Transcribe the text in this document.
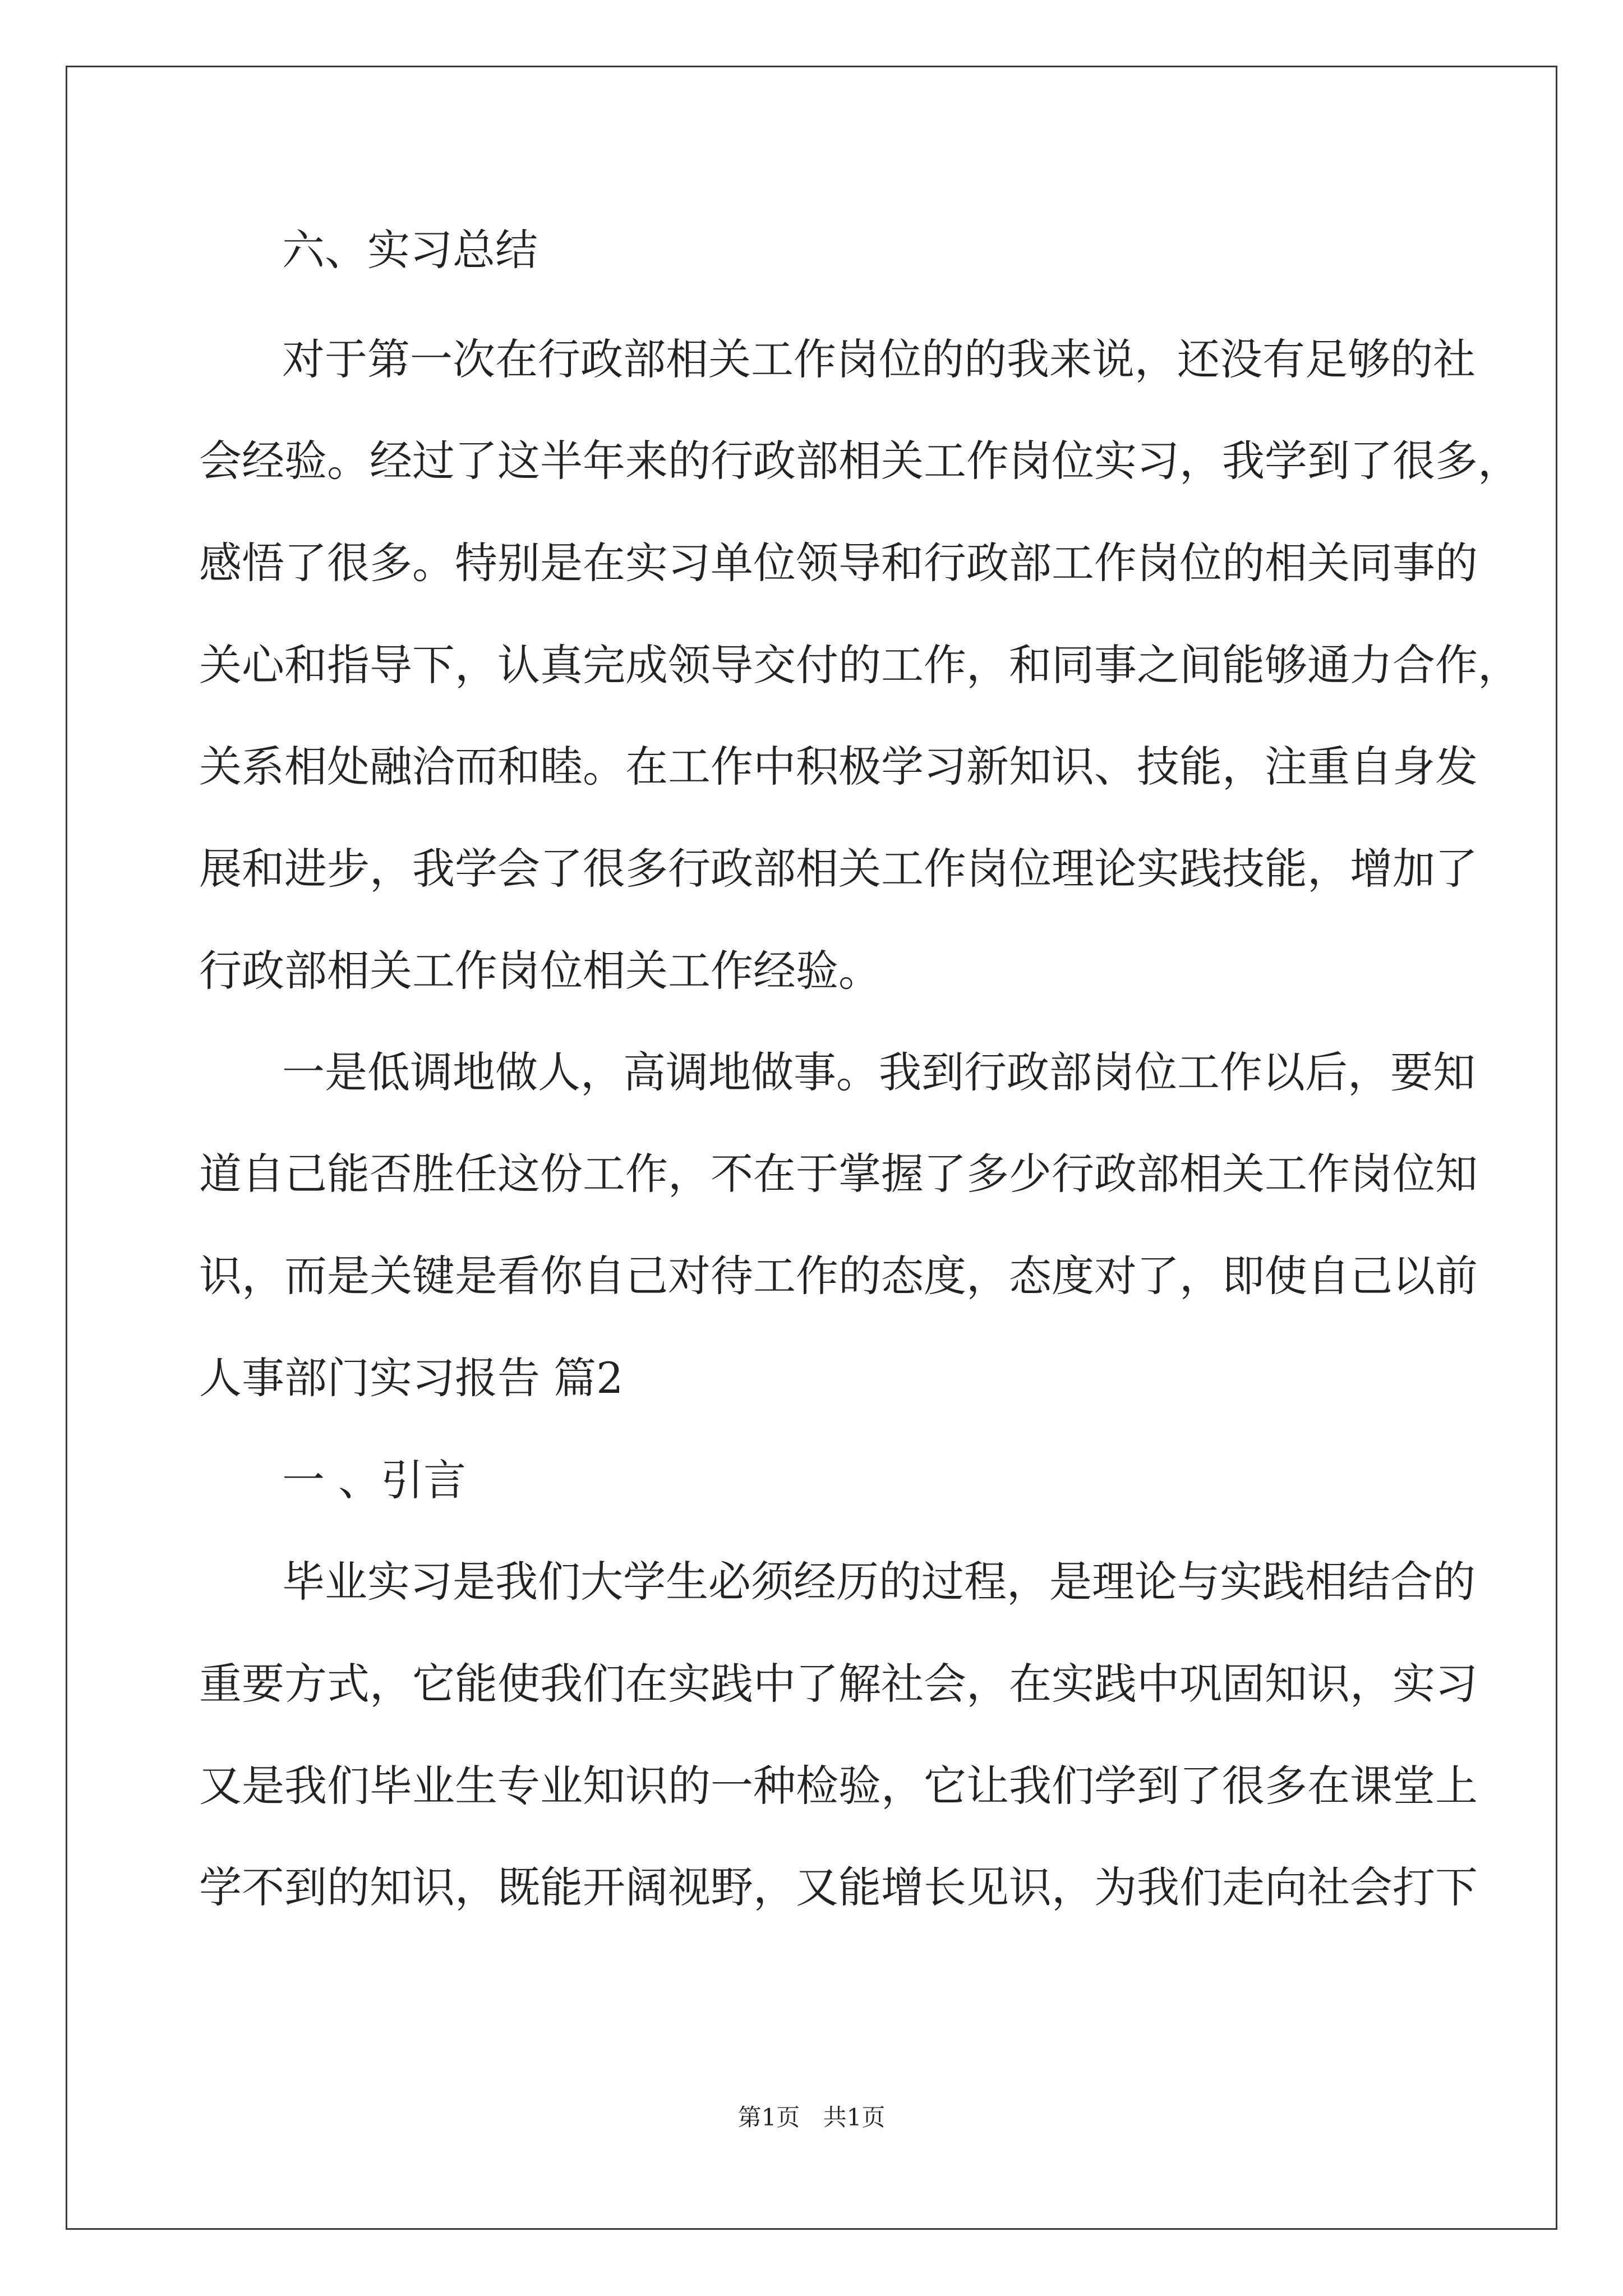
六、实习总结
对于第一次在行政部相关工作岗位的的我来说，还没有足够的社
会经验。经过了这半年来的行政部相关工作岗位实习，我学到了很多，
感悟了很多。特别是在实习单位领导和行政部工作岗位的相关同事的
关心和指导下，认真完成领导交付的工作，和同事之间能够通力合作，
关系相处融洽而和睦。在工作中积极学习新知识、技能，注重自身发
展和进步，我学会了很多行政部相关工作岗位理论实践技能，增加了
行政部相关工作岗位相关工作经验。
一是低调地做人，高调地做事。我到行政部岗位工作以后，要知
道自己能否胜任这份工作，不在于掌握了多少行政部相关工作岗位知
识，而是关键是看你自己对待工作的态度，态度对了，即使自己以前
人事部门实习报告 篇2
一 、引言
毕业实习是我们大学生必须经历的过程，是理论与实践相结合的
重要方式，它能使我们在实践中了解社会，在实践中巩固知识，实习
又是我们毕业生专业知识的一种检验，它让我们学到了很多在课堂上
学不到的知识，既能开阔视野，又能增长见识，为我们走向社会打下
第1页 共1页
